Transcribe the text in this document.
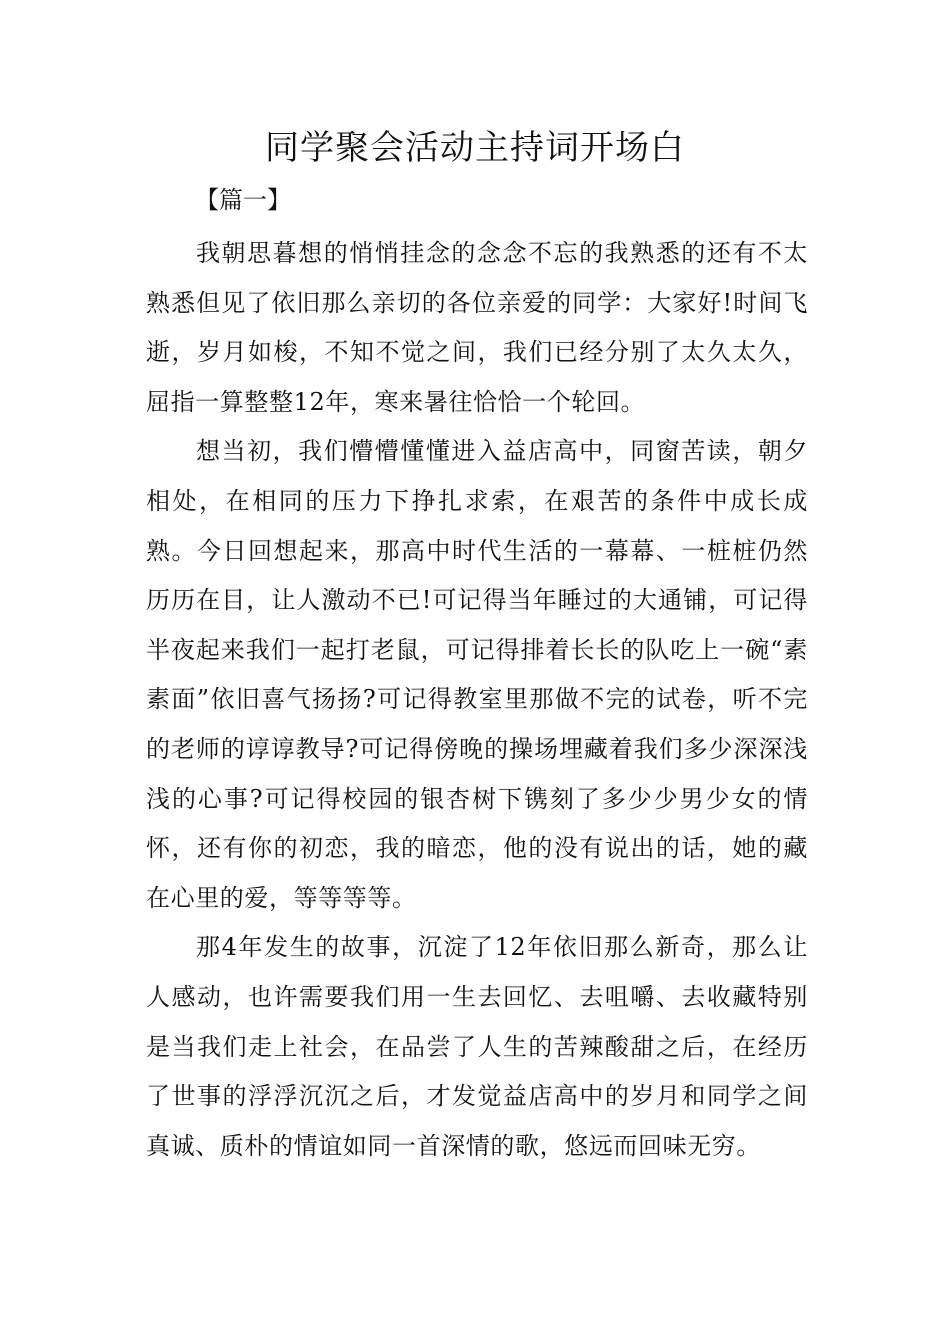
同学聚会活动主持词开场白

【篇一】

我朝思暮想的悄悄挂念的念念不忘的我熟悉的还有不太熟悉但见了依旧那么亲切的各位亲爱的同学：大家好!时间飞逝，岁月如梭，不知不觉之间，我们已经分别了太久太久，屈指一算整整12年，寒来暑往恰恰一个轮回。

想当初，我们懵懵懂懂进入益店高中，同窗苦读，朝夕相处，在相同的压力下挣扎求索，在艰苦的条件中成长成熟。今日回想起来，那高中时代生活的一幕幕、一桩桩仍然历历在目，让人激动不已!可记得当年睡过的大通铺，可记得半夜起来我们一起打老鼠，可记得排着长长的队吃上一碗“素素面”依旧喜气扬扬?可记得教室里那做不完的试卷，听不完的老师的谆谆教导?可记得傍晚的操场埋藏着我们多少深深浅浅的心事?可记得校园的银杏树下镌刻了多少少男少女的情怀，还有你的初恋，我的暗恋，他的没有说出的话，她的藏在心里的爱，等等等等。

那4年发生的故事，沉淀了12年依旧那么新奇，那么让人感动，也许需要我们用一生去回忆、去咀嚼、去收藏特别是当我们走上社会，在品尝了人生的苦辣酸甜之后，在经历了世事的浮浮沉沉之后，才发觉益店高中的岁月和同学之间真诚、质朴的情谊如同一首深情的歌，悠远而回味无穷。
